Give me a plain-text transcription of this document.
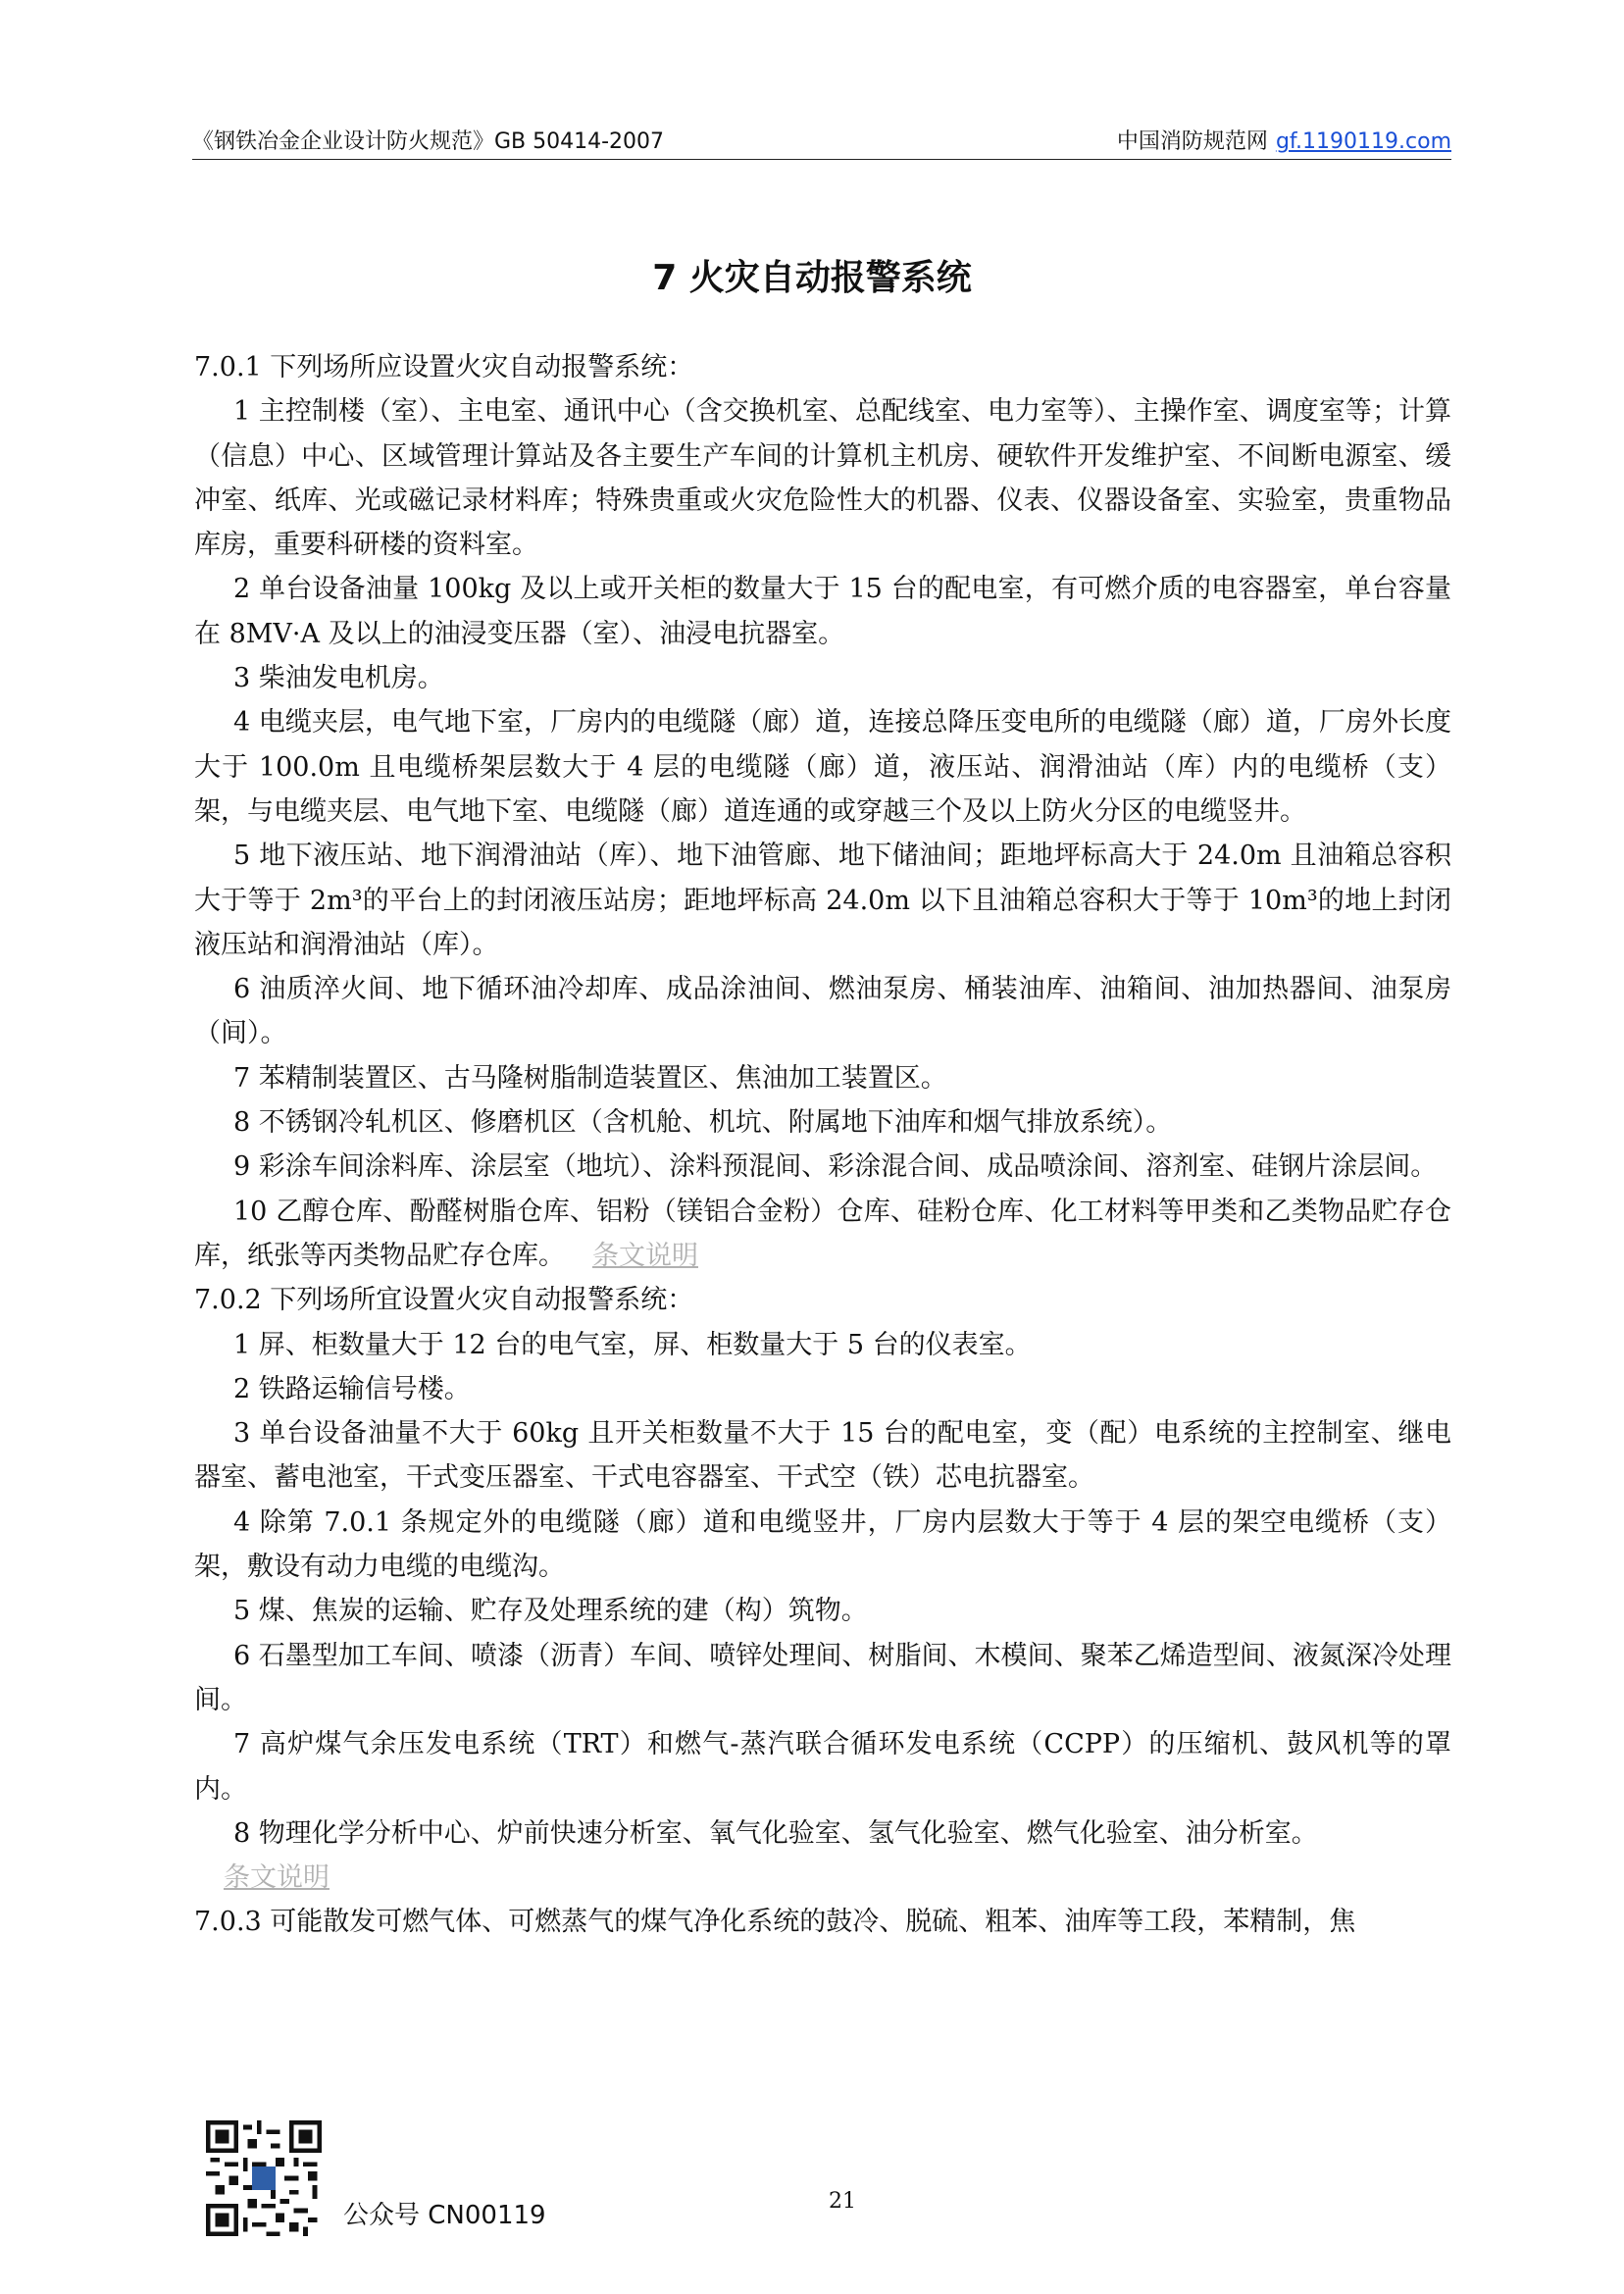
《钢铁冶金企业设计防火规范》GB 50414-2007	中国消防规范网 gf.1190119.com
7 火灾自动报警系统

7.0.1 下列场所应设置火灾自动报警系统：

1 主控制楼（室）、主电室、通讯中心（含交换机室、总配线室、电力室等）、主操作室、调度室等；计算（信息）中心、区域管理计算站及各主要生产车间的计算机主机房、硬软件开发维护室、不间断电源室、缓冲室、纸库、光或磁记录材料库；特殊贵重或火灾危险性大的机器、仪表、仪器设备室、实验室，贵重物品库房，重要科研楼的资料室。

2 单台设备油量 100kg 及以上或开关柜的数量大于 15 台的配电室，有可燃介质的电容器室，单台容量在 8MV·A 及以上的油浸变压器（室）、油浸电抗器室。

3 柴油发电机房。

4 电缆夹层，电气地下室，厂房内的电缆隧（廊）道，连接总降压变电所的电缆隧（廊）道，厂房外长度大于 100.0m 且电缆桥架层数大于 4 层的电缆隧（廊）道，液压站、润滑油站（库）内的电缆桥（支）架，与电缆夹层、电气地下室、电缆隧（廊）道连通的或穿越三个及以上防火分区的电缆竖井。

5 地下液压站、地下润滑油站（库）、地下油管廊、地下储油间；距地坪标高大于 24.0m 且油箱总容积大于等于 2m³的平台上的封闭液压站房；距地坪标高 24.0m 以下且油箱总容积大于等于 10m³的地上封闭液压站和润滑油站（库）。

6 油质淬火间、地下循环油冷却库、成品涂油间、燃油泵房、桶装油库、油箱间、油加热器间、油泵房（间）。

7 苯精制装置区、古马隆树脂制造装置区、焦油加工装置区。

8 不锈钢冷轧机区、修磨机区（含机舱、机坑、附属地下油库和烟气排放系统）。

9 彩涂车间涂料库、涂层室（地坑）、涂料预混间、彩涂混合间、成品喷涂间、溶剂室、硅钢片涂层间。

10 乙醇仓库、酚醛树脂仓库、铝粉（镁铝合金粉）仓库、硅粉仓库、化工材料等甲类和乙类物品贮存仓库，纸张等丙类物品贮存仓库。 条文说明

7.0.2 下列场所宜设置火灾自动报警系统：

1 屏、柜数量大于 12 台的电气室，屏、柜数量大于 5 台的仪表室。

2 铁路运输信号楼。

3 单台设备油量不大于 60kg 且开关柜数量不大于 15 台的配电室，变（配）电系统的主控制室、继电器室、蓄电池室，干式变压器室、干式电容器室、干式空（铁）芯电抗器室。

4 除第 7.0.1 条规定外的电缆隧（廊）道和电缆竖井，厂房内层数大于等于 4 层的架空电缆桥（支）架，敷设有动力电缆的电缆沟。

5 煤、焦炭的运输、贮存及处理系统的建（构）筑物。

6 石墨型加工车间、喷漆（沥青）车间、喷锌处理间、树脂间、木模间、聚苯乙烯造型间、液氮深冷处理间。

7 高炉煤气余压发电系统（TRT）和燃气-蒸汽联合循环发电系统（CCPP）的压缩机、鼓风机等的罩内。

8 物理化学分析中心、炉前快速分析室、氧气化验室、氢气化验室、燃气化验室、油分析室。

条文说明

7.0.3 可能散发可燃气体、可燃蒸气的煤气净化系统的鼓冷、脱硫、粗苯、油库等工段，苯精制，焦

公众号 CN00119	21
